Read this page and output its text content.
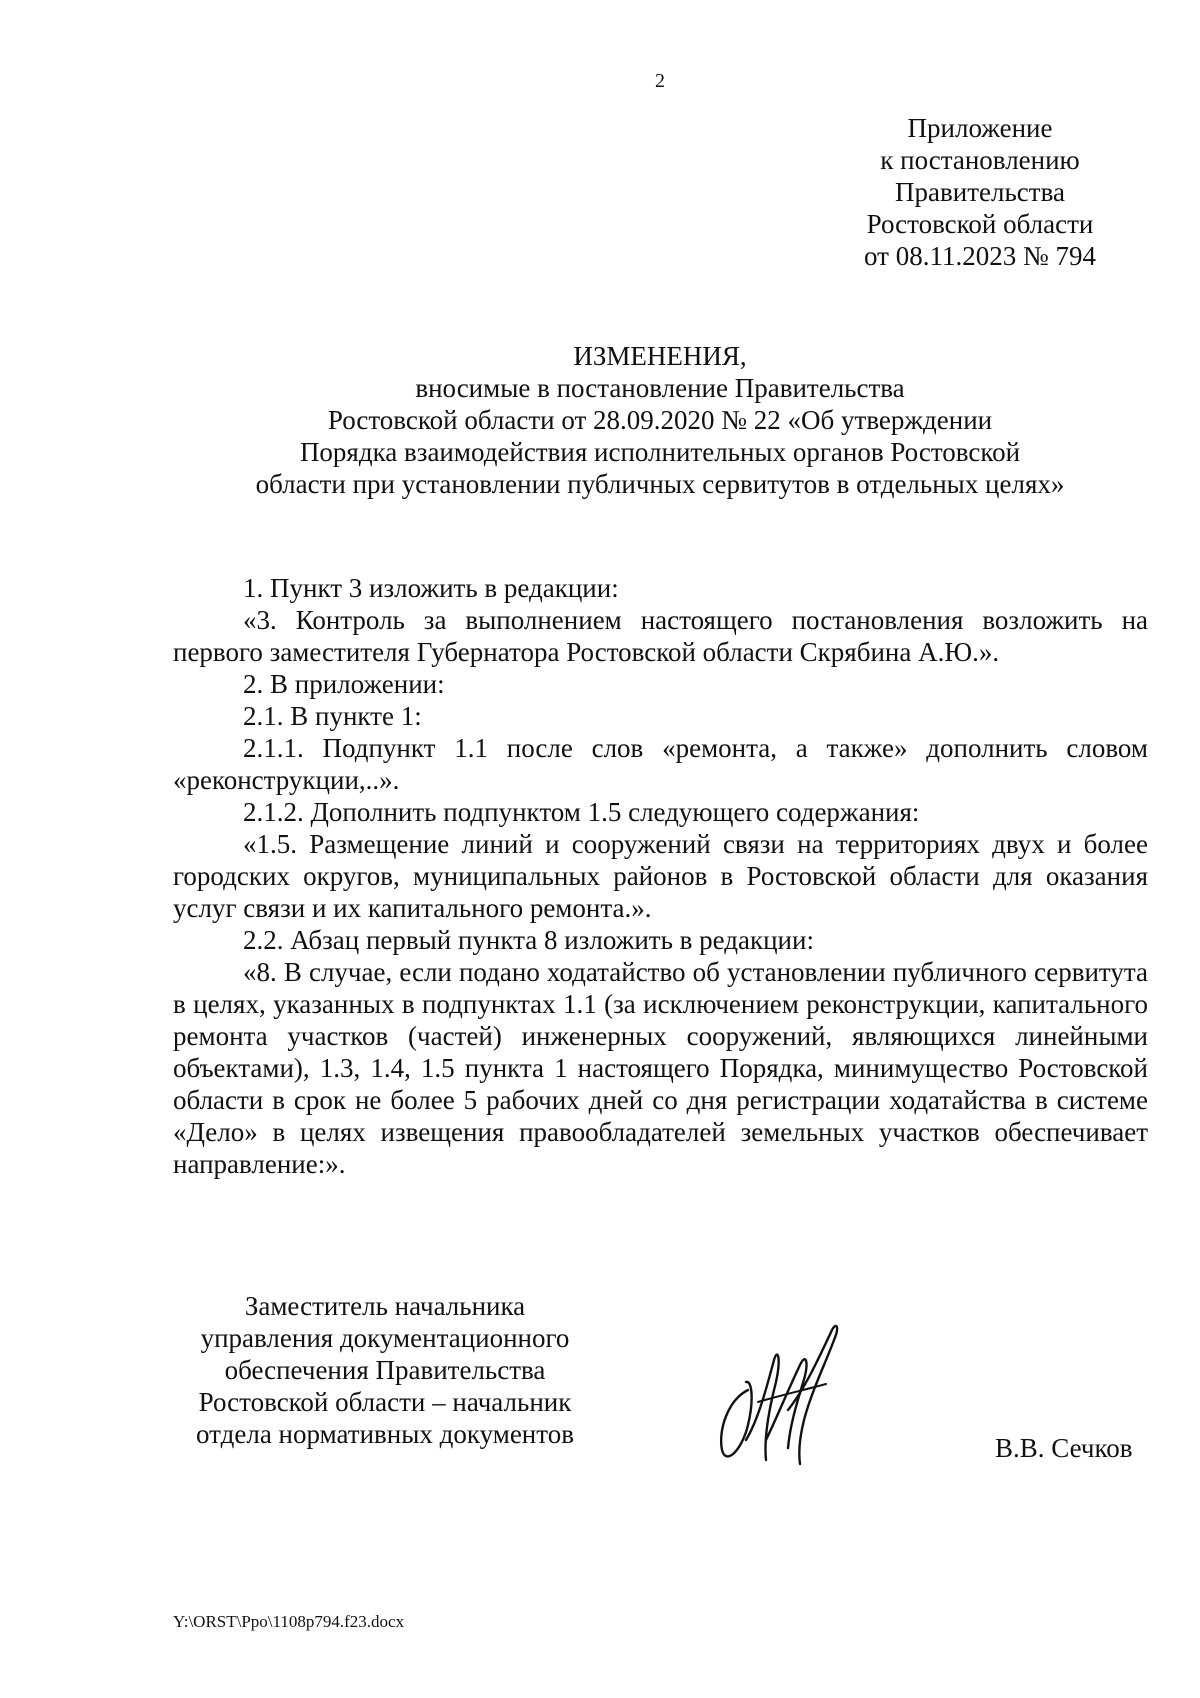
2
Приложение
к постановлению
Правительства
Ростовской области
от 08.11.2023 № 794
ИЗМЕНЕНИЯ,
вносимые в постановление Правительства
Ростовской области от 28.09.2020 № 22 «Об утверждении
Порядка взаимодействия исполнительных органов Ростовской
области при установлении публичных сервитутов в отдельных целях»

1. Пункт 3 изложить в редакции:

«3. Контроль за выполнением настоящего постановления возложить на первого заместителя Губернатора Ростовской области Скрябина А.Ю.».

2. В приложении:

2.1. В пункте 1:

2.1.1. Подпункт 1.1 после слов «ремонта, а также» дополнить словом «реконструкции,..».

2.1.2. Дополнить подпунктом 1.5 следующего содержания:

«1.5. Размещение линий и сооружений связи на территориях двух и более городских округов, муниципальных районов в Ростовской области для оказания услуг связи и их капитального ремонта.».

2.2. Абзац первый пункта 8 изложить в редакции:

«8. В случае, если подано ходатайство об установлении публичного сервитута в целях, указанных в подпунктах 1.1 (за исключением реконструкции, капитального ремонта участков (частей) инженерных сооружений, являющихся линейными объектами), 1.3, 1.4, 1.5 пункта 1 настоящего Порядка, минимущество Ростовской области в срок не более 5 рабочих дней со дня регистрации ходатайства в системе «Дело» в целях извещения правообладателей земельных участков обеспечивает направление:».

Заместитель начальника
управления документационного
обеспечения Правительства
Ростовской области – начальник
отдела нормативных документов	В.В. Сечков
Y:\ORST\Ppo\1108p794.f23.docx
